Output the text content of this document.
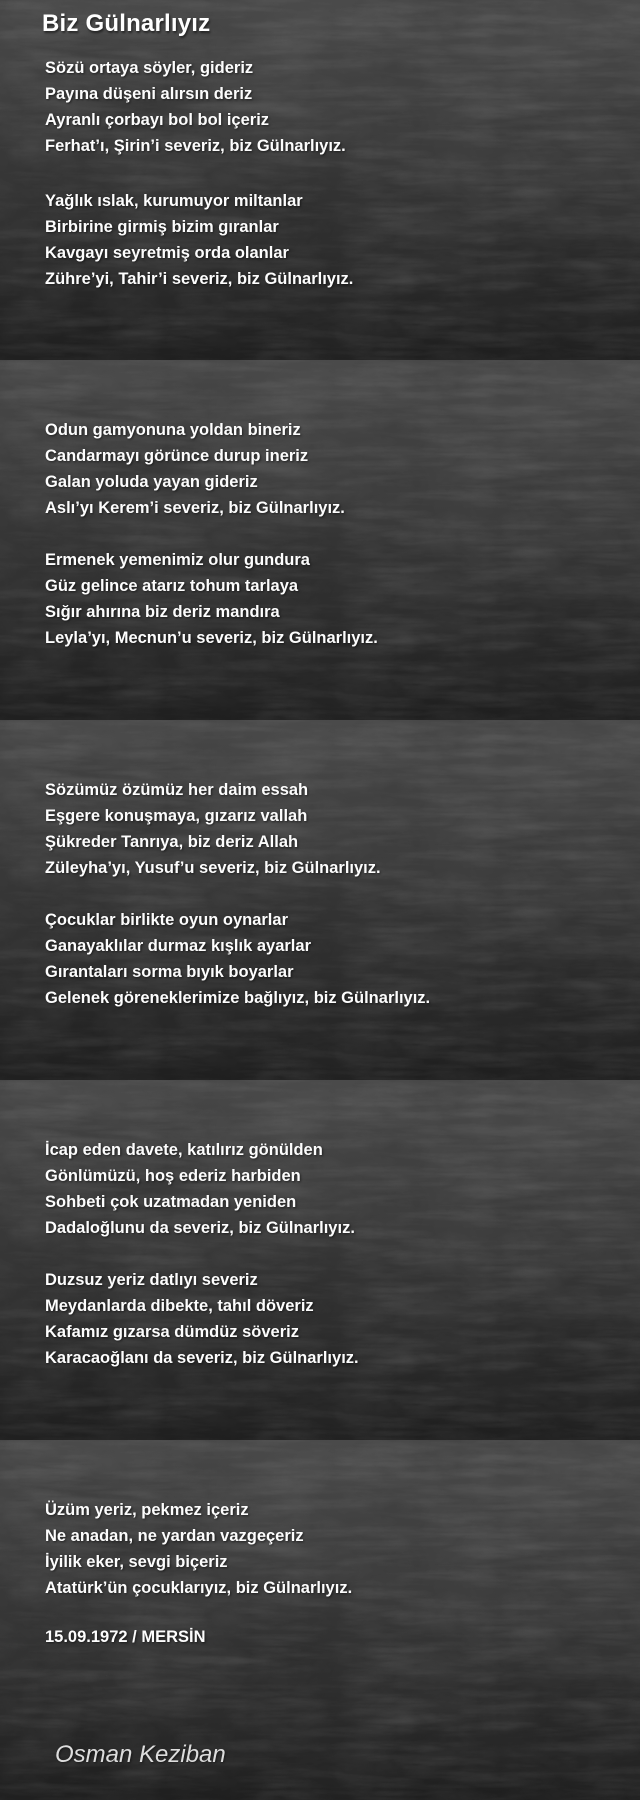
Biz Gülnarlıyız
Sözü ortaya söyler, gideriz
Payına düşeni alırsın deriz
Ayranlı çorbayı bol bol içeriz
Ferhat’ı, Şirin’i severiz, biz Gülnarlıyız.
Yağlık ıslak, kurumuyor miltanlar
Birbirine girmiş bizim gıranlar
Kavgayı seyretmiş orda olanlar
Zühre’yi, Tahir’i severiz, biz Gülnarlıyız.
Odun gamyonuna yoldan bineriz
Candarmayı görünce durup ineriz
Galan yoluda yayan gideriz
Aslı’yı Kerem’i severiz, biz Gülnarlıyız.
Ermenek yemenimiz olur gundura
Güz gelince atarız tohum tarlaya
Sığır ahırına biz deriz mandıra
Leyla’yı, Mecnun’u severiz, biz Gülnarlıyız.
Sözümüz özümüz her daim essah
Eşgere konuşmaya, gızarız vallah
Şükreder Tanrıya, biz deriz Allah
Züleyha’yı, Yusuf’u severiz, biz Gülnarlıyız.
Çocuklar birlikte oyun oynarlar
Ganayaklılar durmaz kışlık ayarlar
Gırantaları sorma bıyık boyarlar
Gelenek göreneklerimize bağlıyız, biz Gülnarlıyız.
İcap eden davete, katılırız gönülden
Gönlümüzü, hoş ederiz harbiden
Sohbeti çok uzatmadan yeniden
Dadaloğlunu da severiz, biz Gülnarlıyız.
Duzsuz yeriz datlıyı severiz
Meydanlarda dibekte, tahıl döveriz
Kafamız gızarsa dümdüz söveriz
Karacaoğlanı da severiz, biz Gülnarlıyız.
Üzüm yeriz, pekmez içeriz
Ne anadan, ne yardan vazgeçeriz
İyilik eker, sevgi biçeriz
Atatürk’ün çocuklarıyız, biz Gülnarlıyız.
15.09.1972 / MERSİN
Osman Keziban
